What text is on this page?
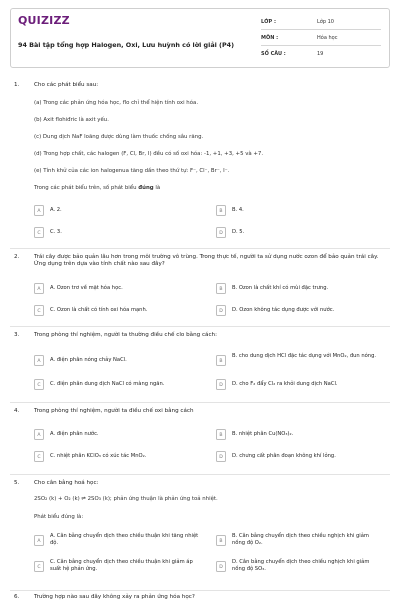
QUIZIZZ
94 Bài tập tổng hợp Halogen, Oxi, Lưu huỳnh có lời giải (P4)
LỚP :	Lớp 10
MÔN :	Hóa học
SỐ CÂU :	19
1.	Cho các phát biểu sau:
(a) Trong các phản ứng hóa học, flo chỉ thể hiện tính oxi hóa.
(b) Axit flohiđric là axit yếu.
(c) Dung dịch NaF loãng được dùng làm thuốc chống sâu răng.
(d) Trong hợp chất, các halogen (F, Cl, Br, I) đều có số oxi hóa: -1, +1, +3, +5 và +7.
(e) Tính khử của các ion halogenua tăng dần theo thứ tự: F⁻, Cl⁻, Br⁻, I⁻.
Trong các phát biểu trên, số phát biểu đúng là
A	A. 2.	B	B. 4.
C	C. 3.	D	D. 5.
2.	Trái cây được bảo quản lâu hơn trong môi trường vô trùng. Trong thực tế, người ta sử dụng nước ozon để bảo quản trái cây. Ứng dụng trên dựa vào tính chất nào sau đây?
A	A. Ozon trơ về mặt hóa học.	B	B. Ozon là chất khí có mùi đặc trưng.
C	C. Ozon là chất có tính oxi hóa mạnh.	D	D. Ozon không tác dụng được với nước.
3.	Trong phòng thí nghiệm, người ta thường điều chế clo bằng cách:
A	A. điện phân nóng chảy NaCl.	B
B. cho dung dịch HCl đặc tác dụng với MnO₂, đun nóng.
C	C. điện phân dung dịch NaCl có màng ngăn.	D	D. cho F₂ đẩy Cl₂ ra khỏi dung dịch NaCl.
4.	Trong phòng thí nghiệm, người ta điều chế oxi bằng cách
A	A. điện phân nước.	B	B. nhiệt phân Cu(NO₃)₂.
C	C. nhiệt phân KClO₃ có xúc tác MnO₂.	D	D. chưng cất phân đoạn không khí lỏng.
5.	Cho cân bằng hoá học:
2SO₂ (k) + O₂ (k) ⇌ 2SO₃ (k); phản ứng thuận là phản ứng toả nhiệt.
Phát biểu đúng là:
A
A. Cân bằng chuyển dịch theo chiều thuận khi tăng nhiệt độ.	B
B. Cân bằng chuyển dịch theo chiều nghịch khi giảm nồng độ O₂.
C
C. Cân bằng chuyển dịch theo chiều thuận khi giảm áp suất hệ phản ứng.	D
D. Cân bằng chuyển dịch theo chiều nghịch khi giảm nồng độ SO₃.
6.	Trường hợp nào sau đây không xảy ra phản ứng hóa học?
